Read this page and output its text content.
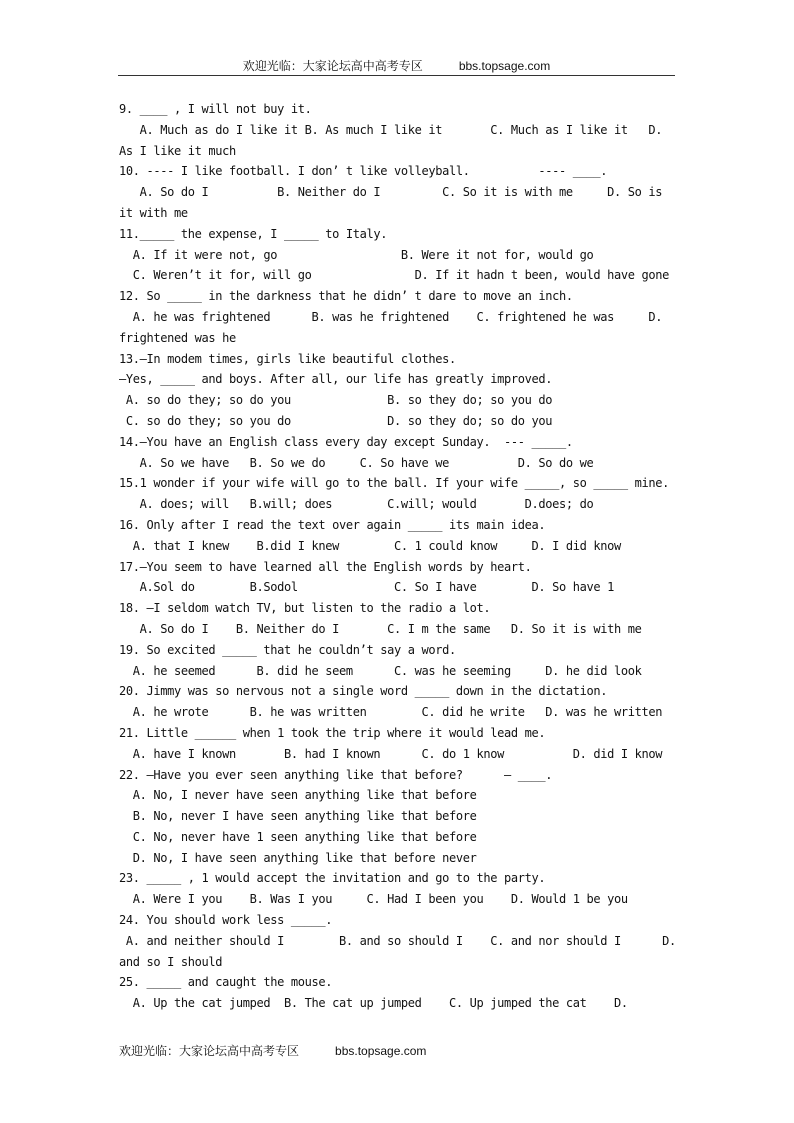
欢迎光临：大家论坛高中高考专区	bbs.topsage.com
9. ____ , I will not buy it.
A. Much as do I like it B. As much I like it       C. Much as I like it   D.
As I like it much
10. ---- I like football. I don’ t like volleyball.          ---- ____.
A. So do I          B. Neither do I         C. So it is with me     D. So is
it with me
11._____ the expense, I _____ to Italy.
A. If it were not, go                  B. Were it not for, would go
C. Weren’t it for, will go               D. If it hadn t been, would have gone
12. So _____ in the darkness that he didn’ t dare to move an inch.
A. he was frightened      B. was he frightened    C. frightened he was     D.
frightened was he
13.—In modem times, girls like beautiful clothes.
—Yes, _____ and boys. After all, our life has greatly improved.
A. so do they; so do you              B. so they do; so you do
C. so do they; so you do              D. so they do; so do you
14.—You have an English class every day except Sunday.  --- _____.
A. So we have   B. So we do     C. So have we          D. So do we
15.1 wonder if your wife will go to the ball. If your wife _____, so _____ mine.
A. does; will   B.will; does        C.will; would       D.does; do
16. Only after I read the text over again _____ its main idea.
A. that I knew    B.did I knew        C. 1 could know     D. I did know
17.—You seem to have learned all the English words by heart.
A.Sol do        B.Sodol              C. So I have        D. So have 1
18. —I seldom watch TV, but listen to the radio a lot.
A. So do I    B. Neither do I       C. I m the same   D. So it is with me
19. So excited _____ that he couldn’t say a word.
A. he seemed      B. did he seem      C. was he seeming     D. he did look
20. Jimmy was so nervous not a single word _____ down in the dictation.
A. he wrote      B. he was written        C. did he write   D. was he written
21. Little ______ when 1 took the trip where it would lead me.
A. have I known       B. had I known      C. do 1 know          D. did I know
22. —Have you ever seen anything like that before?      — ____.
A. No, I never have seen anything like that before
B. No, never I have seen anything like that before
C. No, never have 1 seen anything like that before
D. No, I have seen anything like that before never
23. _____ , 1 would accept the invitation and go to the party.
A. Were I you    B. Was I you     C. Had I been you    D. Would 1 be you
24. You should work less _____.
A. and neither should I        B. and so should I    C. and nor should I      D.
and so I should
25. _____ and caught the mouse.
A. Up the cat jumped  B. The cat up jumped    C. Up jumped the cat    D.
欢迎光临：大家论坛高中高考专区	bbs.topsage.com
